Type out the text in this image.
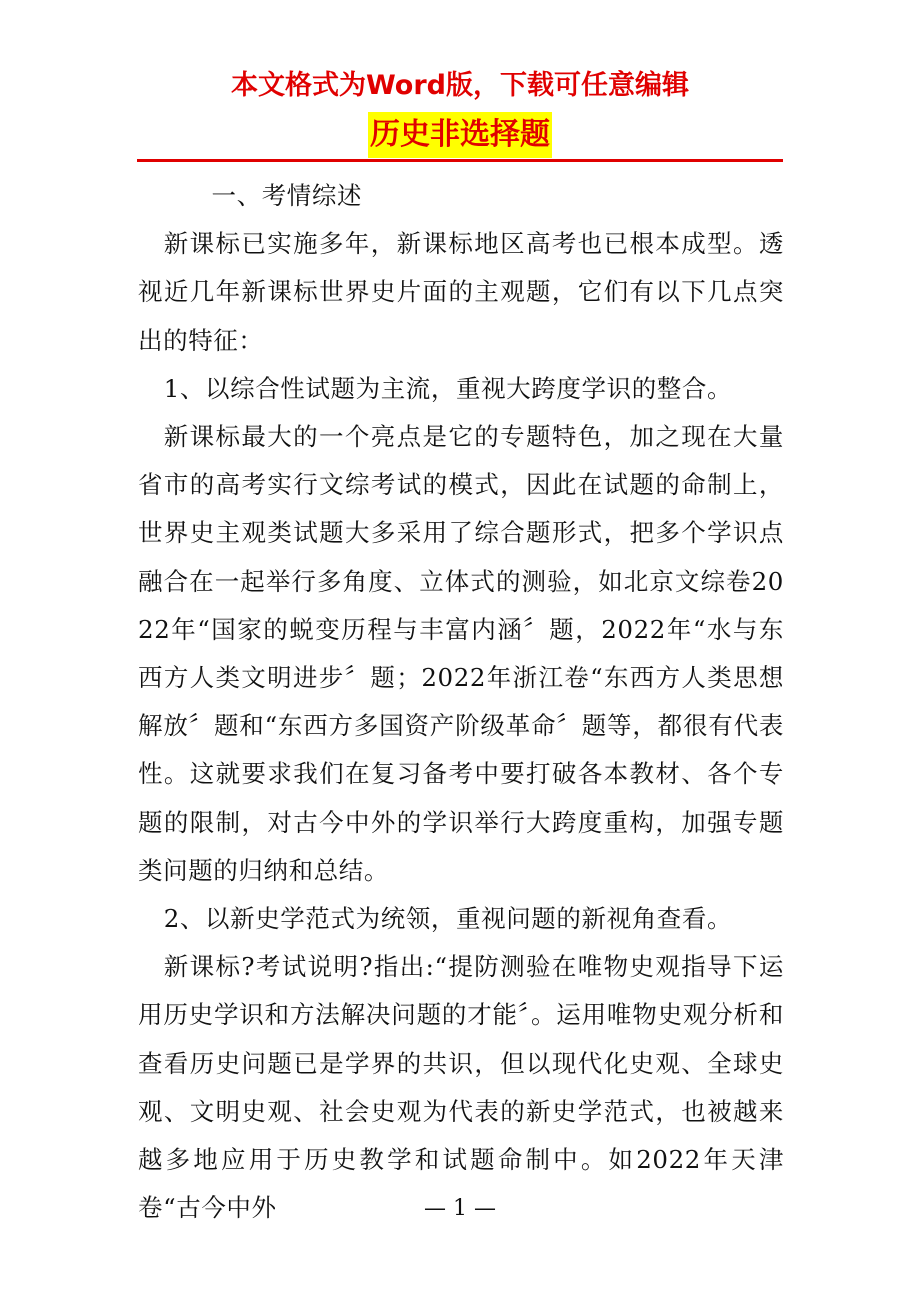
本文格式为Word版，下载可任意编辑
历史非选择题

一、考情综述

新课标已实施多年，新课标地区高考也已根本成型。透视近几年新课标世界史片面的主观题，它们有以下几点突出的特征：

1、以综合性试题为主流，重视大跨度学识的整合。

新课标最大的一个亮点是它的专题特色，加之现在大量省市的高考实行文综考试的模式，因此在试题的命制上，世界史主观类试题大多采用了综合题形式，把多个学识点融合在一起举行多角度、立体式的测验，如北京文综卷2022年“国家的蜕变历程与丰富内涵〞题，2022年“水与东西方人类文明进步〞题；2022年浙江卷“东西方人类思想解放〞题和“东西方多国资产阶级革命〞题等，都很有代表性。这就要求我们在复习备考中要打破各本教材、各个专题的限制，对古今中外的学识举行大跨度重构，加强专题类问题的归纳和总结。

2、以新史学范式为统领，重视问题的新视角查看。

新课标?考试说明?指出:“提防测验在唯物史观指导下运用历史学识和方法解决问题的才能〞。运用唯物史观分析和查看历史问题已是学界的共识，但以现代化史观、全球史观、文明史观、社会史观为代表的新史学范式，也被越来越多地应用于历史教学和试题命制中。如2022年天津卷“古今中外	— 1 —
